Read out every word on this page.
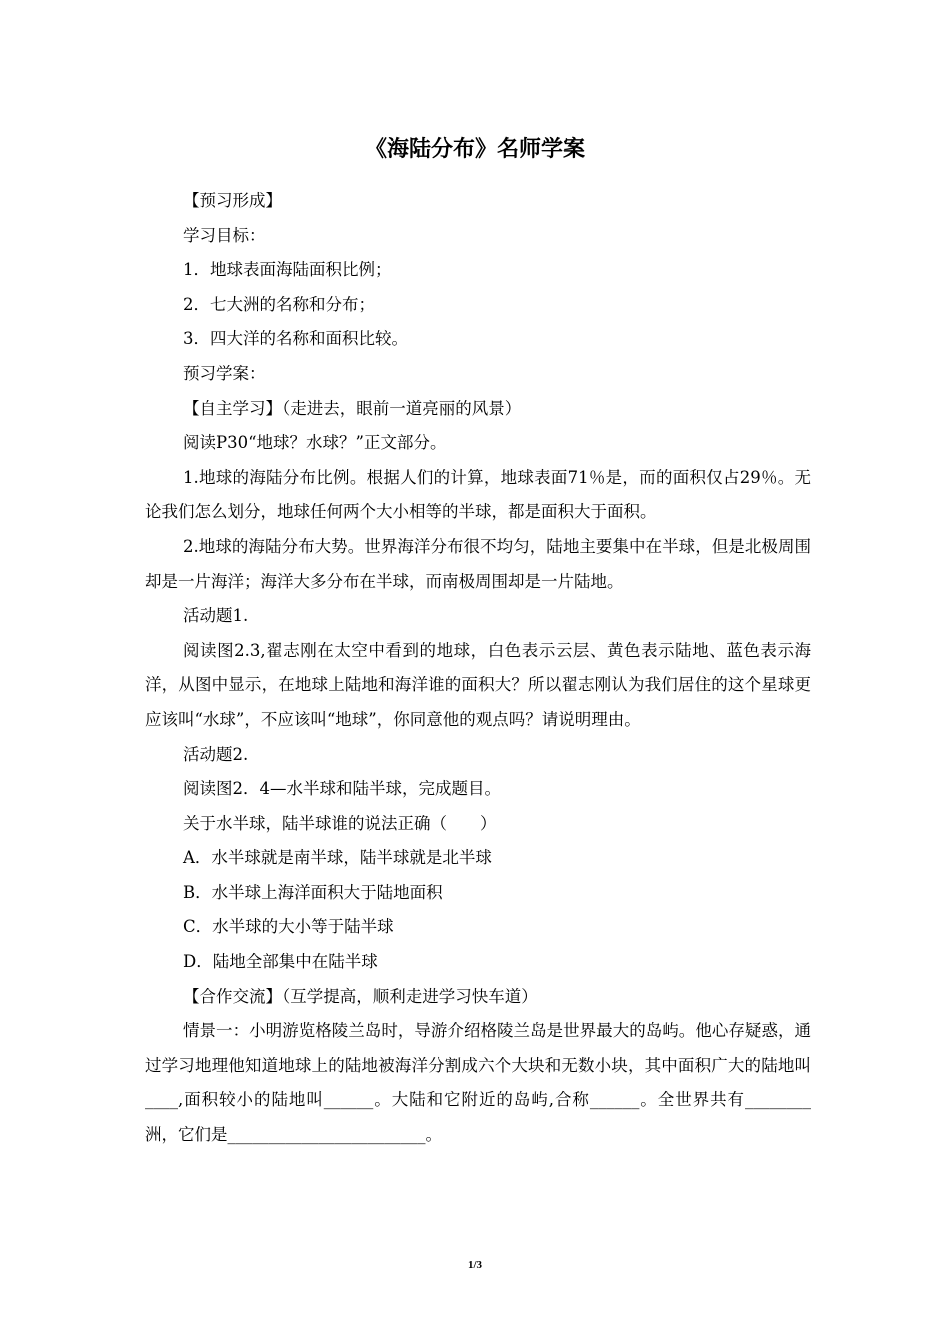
《海陆分布》名师学案
【预习形成】
学习目标：
1．地球表面海陆面积比例；
2．七大洲的名称和分布；
3．四大洋的名称和面积比较。
预习学案：
【自主学习】（走进去，眼前一道亮丽的风景）
阅读P30“地球？水球？”正文部分。
1.地球的海陆分布比例。根据人们的计算，地球表面71％是，而的面积仅占29％。无论我们怎么划分，地球任何两个大小相等的半球，都是面积大于面积。
2.地球的海陆分布大势。世界海洋分布很不均匀，陆地主要集中在半球，但是北极周围却是一片海洋；海洋大多分布在半球，而南极周围却是一片陆地。
活动题1.
阅读图2.3,翟志刚在太空中看到的地球，白色表示云层、黄色表示陆地、蓝色表示海洋，从图中显示，在地球上陆地和海洋谁的面积大？所以翟志刚认为我们居住的这个星球更应该叫“水球”，不应该叫“地球”，你同意他的观点吗？请说明理由。
活动题2.
阅读图2．4—水半球和陆半球，完成题目。
关于水半球，陆半球谁的说法正确（　　）
A．水半球就是南半球，陆半球就是北半球
B．水半球上海洋面积大于陆地面积
C．水半球的大小等于陆半球
D．陆地全部集中在陆半球
【合作交流】（互学提高，顺利走进学习快车道）
情景一：小明游览格陵兰岛时，导游介绍格陵兰岛是世界最大的岛屿。他心存疑惑，通过学习地理他知道地球上的陆地被海洋分割成六个大块和无数小块，其中面积广大的陆地叫____,面积较小的陆地叫______。大陆和它附近的岛屿,合称______。全世界共有________洲，它们是________________________。
1/3
